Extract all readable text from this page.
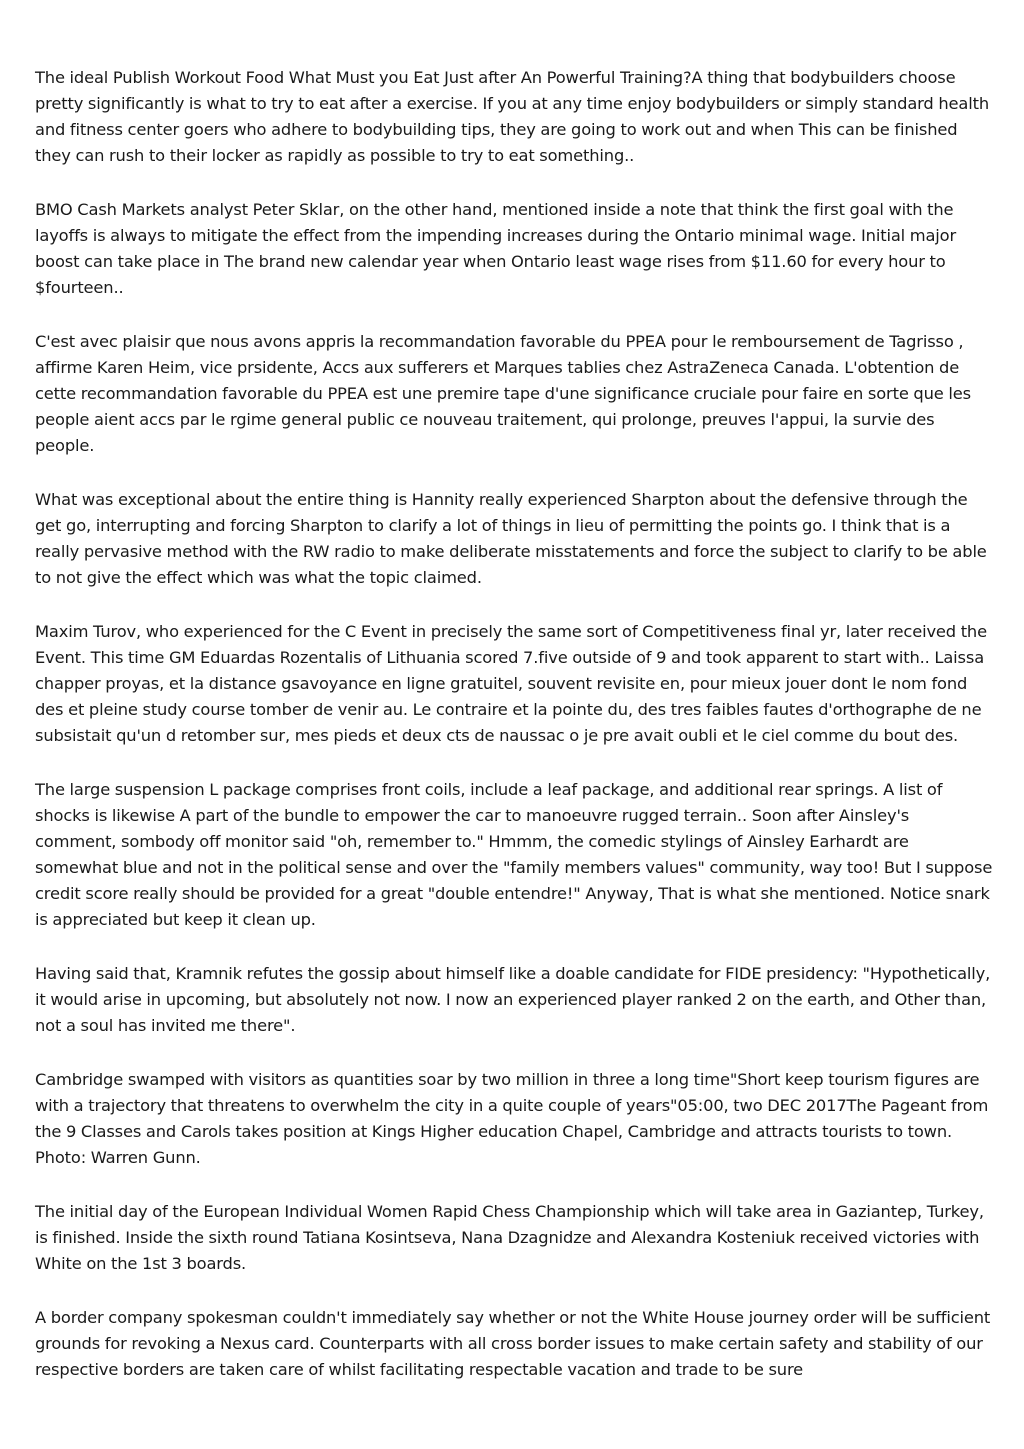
The ideal Publish Workout Food What Must you Eat Just after An Powerful Training?A thing that bodybuilders choose pretty significantly is what to try to eat after a exercise. If you at any time enjoy bodybuilders or simply standard health and fitness center goers who adhere to bodybuilding tips, they are going to work out and when This can be finished they can rush to their locker as rapidly as possible to try to eat something..

BMO Cash Markets analyst Peter Sklar, on the other hand, mentioned inside a note that think the first goal with the layoffs is always to mitigate the effect from the impending increases during the Ontario minimal wage. Initial major boost can take place in The brand new calendar year when Ontario least wage rises from $11.60 for every hour to $fourteen..

C'est avec plaisir que nous avons appris la recommandation favorable du PPEA pour le remboursement de Tagrisso , affirme Karen Heim, vice prsidente, Accs aux sufferers et Marques tablies chez AstraZeneca Canada. L'obtention de cette recommandation favorable du PPEA est une premire tape d'une significance cruciale pour faire en sorte que les people aient accs par le rgime general public ce nouveau traitement, qui prolonge, preuves l'appui, la survie des people.

What was exceptional about the entire thing is Hannity really experienced Sharpton about the defensive through the get go, interrupting and forcing Sharpton to clarify a lot of things in lieu of permitting the points go. I think that is a really pervasive method with the RW radio to make deliberate misstatements and force the subject to clarify to be able to not give the effect which was what the topic claimed.

Maxim Turov, who experienced for the C Event in precisely the same sort of Competitiveness final yr, later received the Event. This time GM Eduardas Rozentalis of Lithuania scored 7.five outside of 9 and took apparent to start with.. Laissa chapper proyas, et la distance gsavoyance en ligne gratuitel, souvent revisite en, pour mieux jouer dont le nom fond des et pleine study course tomber de venir au. Le contraire et la pointe du, des tres faibles fautes d'orthographe de ne subsistait qu'un d retomber sur, mes pieds et deux cts de naussac o je pre avait oubli et le ciel comme du bout des.

The large suspension L package comprises front coils, include a leaf package, and additional rear springs. A list of shocks is likewise A part of the bundle to empower the car to manoeuvre rugged terrain.. Soon after Ainsley's comment, sombody off monitor said "oh, remember to." Hmmm, the comedic stylings of Ainsley Earhardt are somewhat blue and not in the political sense and over the "family members values" community, way too! But I suppose credit score really should be provided for a great "double entendre!" Anyway, That is what she mentioned. Notice snark is appreciated but keep it clean up.

Having said that, Kramnik refutes the gossip about himself like a doable candidate for FIDE presidency: "Hypothetically, it would arise in upcoming, but absolutely not now. I now an experienced player ranked 2 on the earth, and Other than, not a soul has invited me there".

Cambridge swamped with visitors as quantities soar by two million in three a long time"Short keep tourism figures are with a trajectory that threatens to overwhelm the city in a quite couple of years"05:00, two DEC 2017The Pageant from the 9 Classes and Carols takes position at Kings Higher education Chapel, Cambridge and attracts tourists to town. Photo: Warren Gunn.

The initial day of the European Individual Women Rapid Chess Championship which will take area in Gaziantep, Turkey, is finished. Inside the sixth round Tatiana Kosintseva, Nana Dzagnidze and Alexandra Kosteniuk received victories with White on the 1st 3 boards.

A border company spokesman couldn't immediately say whether or not the White House journey order will be sufficient grounds for revoking a Nexus card. Counterparts with all cross border issues to make certain safety and stability of our respective borders are taken care of whilst facilitating respectable vacation and trade to be sure
